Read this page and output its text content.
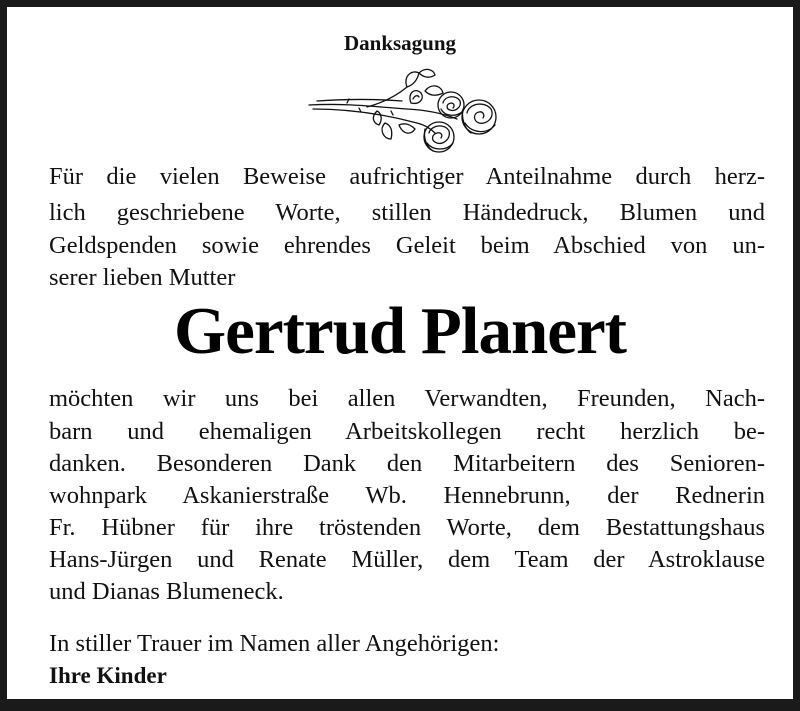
Danksagung
Für die vielen Beweise aufrichtiger Anteilnahme durch herz-
lich geschriebene Worte, stillen Händedruck, Blumen und
Geldspenden sowie ehrendes Geleit beim Abschied von un-
serer lieben Mutter
Gertrud Planert
möchten wir uns bei allen Verwandten, Freunden, Nach-
barn und ehemaligen Arbeitskollegen recht herzlich be-
danken. Besonderen Dank den Mitarbeitern des Senioren-
wohnpark Askanierstraße Wb. Hennebrunn, der Rednerin
Fr. Hübner für ihre tröstenden Worte, dem Bestattungshaus
Hans-Jürgen und Renate Müller, dem Team der Astroklause
und Dianas Blumeneck.
In stiller Trauer im Namen aller Angehörigen:
Ihre Kinder
